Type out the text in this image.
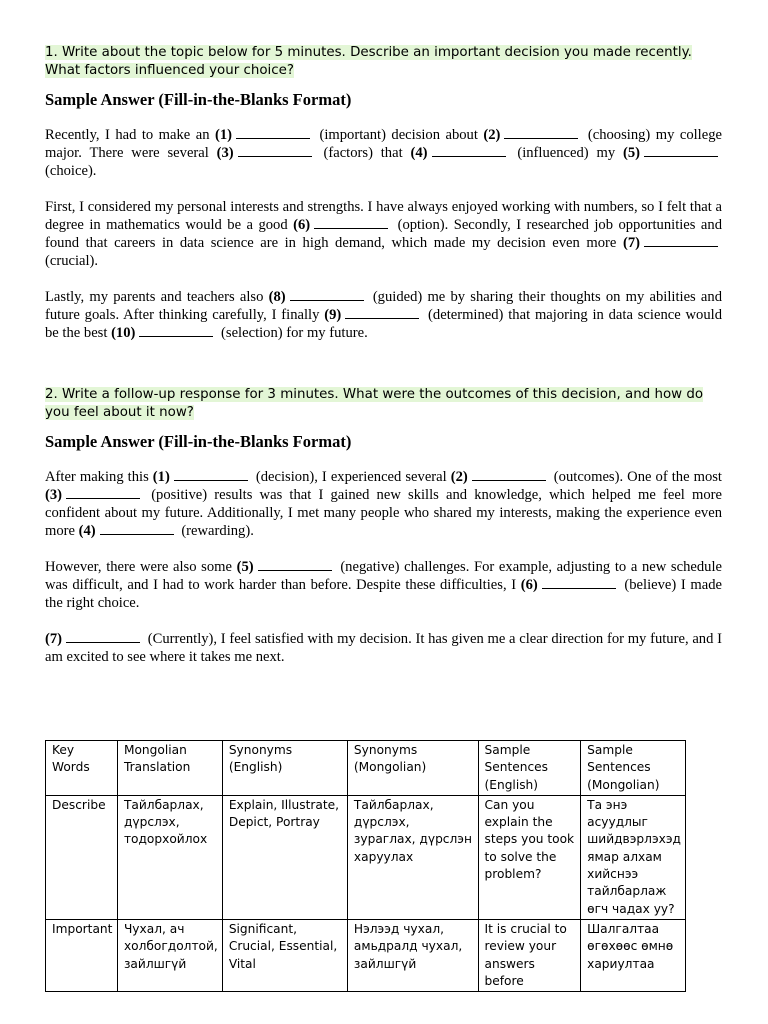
1. Write about the topic below for 5 minutes. Describe an important decision you made recently. What factors influenced your choice?

Sample Answer (Fill-in-the-Blanks Format)

Recently, I had to make an (1)	(important) decision about (2)	(choosing) my college major. There were several (3)	(factors) that (4)	(influenced) my (5) (choice).

First, I considered my personal interests and strengths. I have always enjoyed working with numbers, so I felt that a degree in mathematics would be a good (6)	(option). Secondly, I researched job opportunities and found that careers in data science are in high demand, which made my decision even more (7) (crucial).

Lastly, my parents and teachers also (8)	(guided) me by sharing their thoughts on my abilities and future goals. After thinking carefully, I finally (9)	(determined) that majoring in data science would be the best (10)	(selection) for my future.

2. Write a follow-up response for 3 minutes. What were the outcomes of this decision, and how do you feel about it now?

Sample Answer (Fill-in-the-Blanks Format)

After making this (1)	(decision), I experienced several (2)	(outcomes). One of the most (3)	(positive) results was that I gained new skills and knowledge, which helped me feel more confident about my future. Additionally, I met many people who shared my interests, making the experience even more (4)	(rewarding).

However, there were also some (5)	(negative) challenges. For example, adjusting to a new schedule was difficult, and I had to work harder than before. Despite these difficulties, I (6)	(believe) I made the right choice.

(7)	(Currently), I feel satisfied with my decision. It has given me a clear direction for my future, and I am excited to see where it takes me next.

Key Words	Mongolian Translation	Synonyms (English)	Synonyms (Mongolian)	Sample Sentences (English)	Sample Sentences (Mongolian)
Describe	Тайлбарлах, дүрслэх, тодорхойлох	Explain, Illustrate, Depict, Portray	Тайлбарлах, дүрслэх, зураглах, дүрслэн харуулах	Can you explain the steps you took to solve the problem?	Та энэ асуудлыг шийдвэрлэхэд ямар алхам хийснээ тайлбарлаж өгч чадах уу?
Important	Чухал, ач холбогдолтой, зайлшгүй	Significant, Crucial, Essential, Vital	Нэлээд чухал, амьдралд чухал, зайлшгүй	It is crucial to review your answers before	Шалгалтаа өгөхөөс өмнө хариултаа
